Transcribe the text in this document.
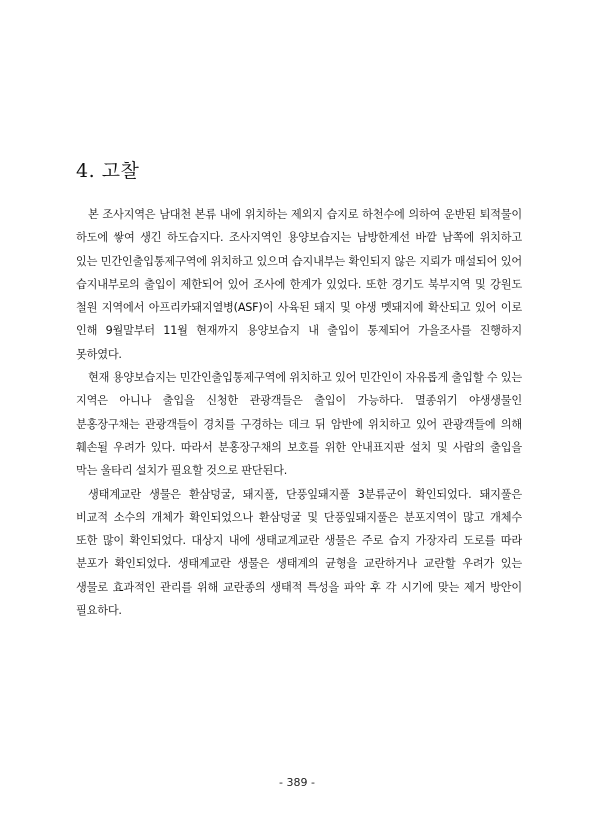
4. 고찰

본 조사지역은 남대천 본류 내에 위치하는 제외지 습지로 하천수에 의하여 운반된 퇴적물이 하도에 쌓여 생긴 하도습지다. 조사지역인 용양보습지는 남방한계선 바깥 남쪽에 위치하고 있는 민간인출입통제구역에 위치하고 있으며 습지내부는 확인되지 않은 지뢰가 매설되어 있어 습지내부로의 출입이 제한되어 있어 조사에 한계가 있었다. 또한 경기도 북부지역 및 강원도 철원 지역에서 아프리카돼지열병(ASF)이 사육된 돼지 및 야생 멧돼지에 확산되고 있어 이로 인해 9월말부터 11월 현재까지 용양보습지 내 출입이 통제되어 가을조사를 진행하지 못하였다.

현재 용양보습지는 민간인출입통제구역에 위치하고 있어 민간인이 자유롭게 출입할 수 있는 지역은 아니나 출입을 신청한 관광객들은 출입이 가능하다. 멸종위기 야생생물인 분홍장구채는 관광객들이 경치를 구경하는 데크 뒤 암반에 위치하고 있어 관광객들에 의해 훼손될 우려가 있다. 따라서 분홍장구채의 보호를 위한 안내표지판 설치 및 사람의 출입을 막는 울타리 설치가 필요할 것으로 판단된다.

생태계교란 생물은 환삼덩굴, 돼지풀, 단풍잎돼지풀 3분류군이 확인되었다. 돼지풀은 비교적 소수의 개체가 확인되었으나 환삼덩굴 및 단풍잎돼지풀은 분포지역이 많고 개체수 또한 많이 확인되었다. 대상지 내에 생태교계교란 생물은 주로 습지 가장자리 도로를 따라 분포가 확인되었다. 생태계교란 생물은 생태계의 균형을 교란하거나 교란할 우려가 있는 생물로 효과적인 관리를 위해 교란종의 생태적 특성을 파악 후 각 시기에 맞는 제거 방안이 필요하다.

- 389 -
